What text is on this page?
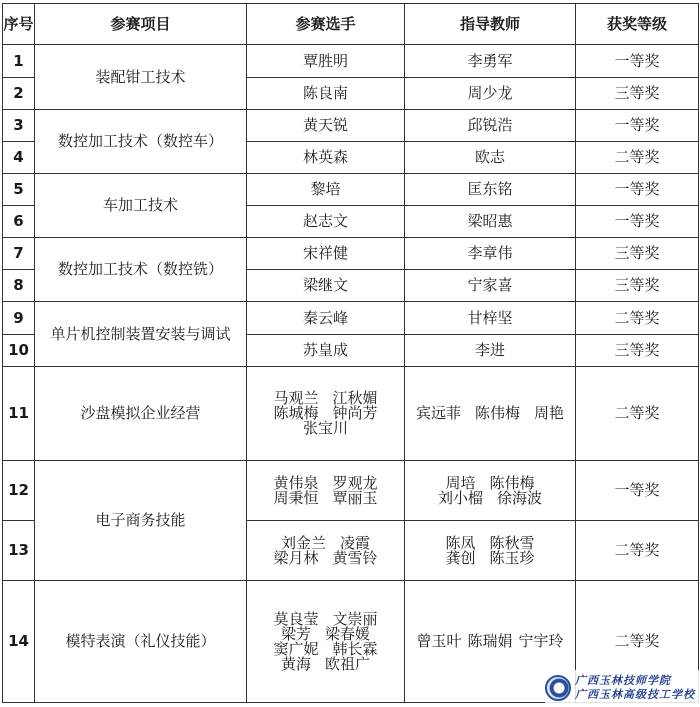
序号	参赛项目	参赛选手	指导教师	获奖等级
1	装配钳工技术	覃胜明	李勇军	一等奖
2		陈良南	周少龙	三等奖
3	数控加工技术（数控车）	黄天锐	邱锐浩	一等奖
4		林英森	欧志	二等奖
5	车加工技术	黎培	匡东铭	一等奖
6		赵志文	梁昭惠	一等奖
7	数控加工技术（数控铣）	宋祥健	李章伟	三等奖
8		梁继文	宁家喜	三等奖
9	单片机控制装置安装与调试	秦云峰	甘梓坚	二等奖
10		苏皇成	李进	三等奖
11	沙盘模拟企业经营	马观兰 江秋媚
陈城梅 钟尚芳
张宝川	宾远菲 陈伟梅 周艳	二等奖
12	电子商务技能	黄伟泉 罗观龙
周秉恒 覃丽玉	周培 陈伟梅
刘小榴 徐海波	一等奖
13		刘金兰 凌霞
梁月林 黄雪铃	陈凤 陈秋雪
龚创 陈玉珍	二等奖
14	模特表演（礼仪技能）	莫良莹 文崇丽
梁芳 梁春媛
窦广妮 韩长霖
黄海 欧祖广	曾玉叶 陈瑞娟 宁宇玲	二等奖
广西玉林技师学院
广西玉林高级技工学校
